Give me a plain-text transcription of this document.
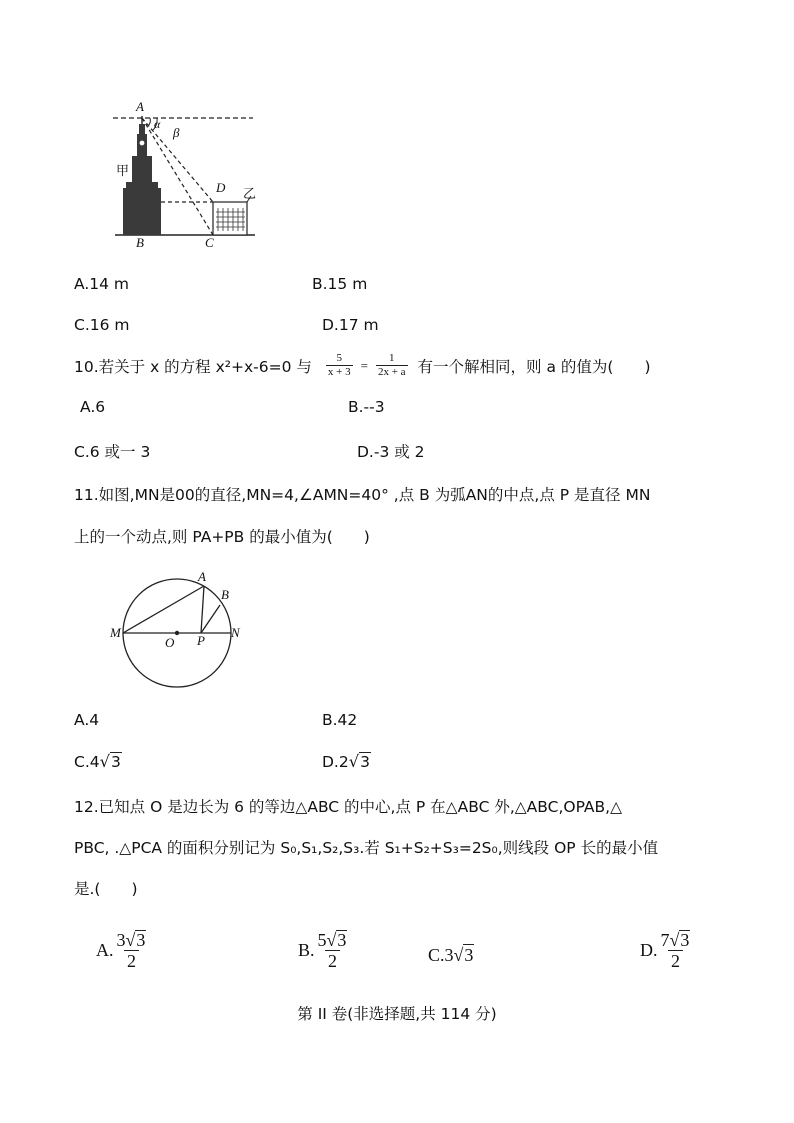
A
α
β
甲
D 乙
B	C
A.14 m	B.15 m
C.16 m	D.17 m
10.若关于 x 的方程 x²+x-6=0 与 $\frac{5}{x + 3} = \frac{1}{2x + a}$ 有一个解相同，则 a 的值为(　　)
A.6	B.--3
C.6 或一 3	D.-3 或 2
11.如图,MN是00的直径,MN=4,∠AMN=40° ,点 B 为弧AN的中点,点 P 是直径 MN
上的一个动点,则 PA+PB 的最小值为(　　)
A
B
M
O P
N
A.4	B.42
C.4√3	D.2√3
12.已知点 O 是边长为 6 的等边△ABC 的中心,点 P 在△ABC 外,△ABC,OPAB,△
PBC, .△PCA 的面积分别记为 S₀,S₁,S₂,S₃.若 S₁+S₂+S₃=2S₀,则线段 OP 长的最小值
是.(　　)
A. $\frac{3√3}{2}$	B. $\frac{5√3}{2}$	C.3√3	D. $\frac{7√3}{2}$
第 II 卷(非选择题,共 114 分)
